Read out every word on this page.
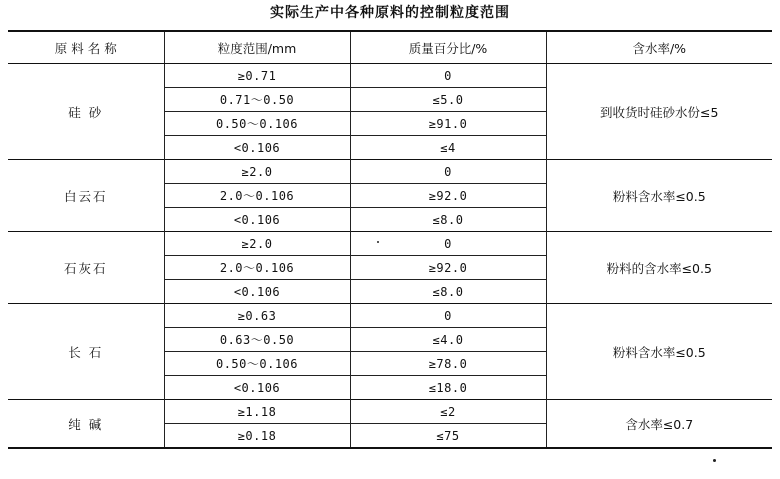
实际生产中各种原料的控制粒度范围
原 料 名 称	粒度范围/mm	质量百分比/%	含水率/%
硅 砂	≥0.71	0	到收货时硅砂水份≤5
	0.71～0.50	≤5.0	
	0.50～0.106	≥91.0	
	<0.106	≤4	
白云石	≥2.0	0	粉料含水率≤0.5
	2.0～0.106	≥92.0	
	<0.106	≤8.0	
石灰石	≥2.0	0	粉料的含水率≤0.5
	2.0～0.106	≥92.0	
	<0.106	≤8.0	
长 石	≥0.63	0	粉料含水率≤0.5
	0.63～0.50	≤4.0	
	0.50～0.106	≥78.0	
	<0.106	≤18.0	
纯 碱	≥1.18	≤2	含水率≤0.7
	≥0.18	≤75	
